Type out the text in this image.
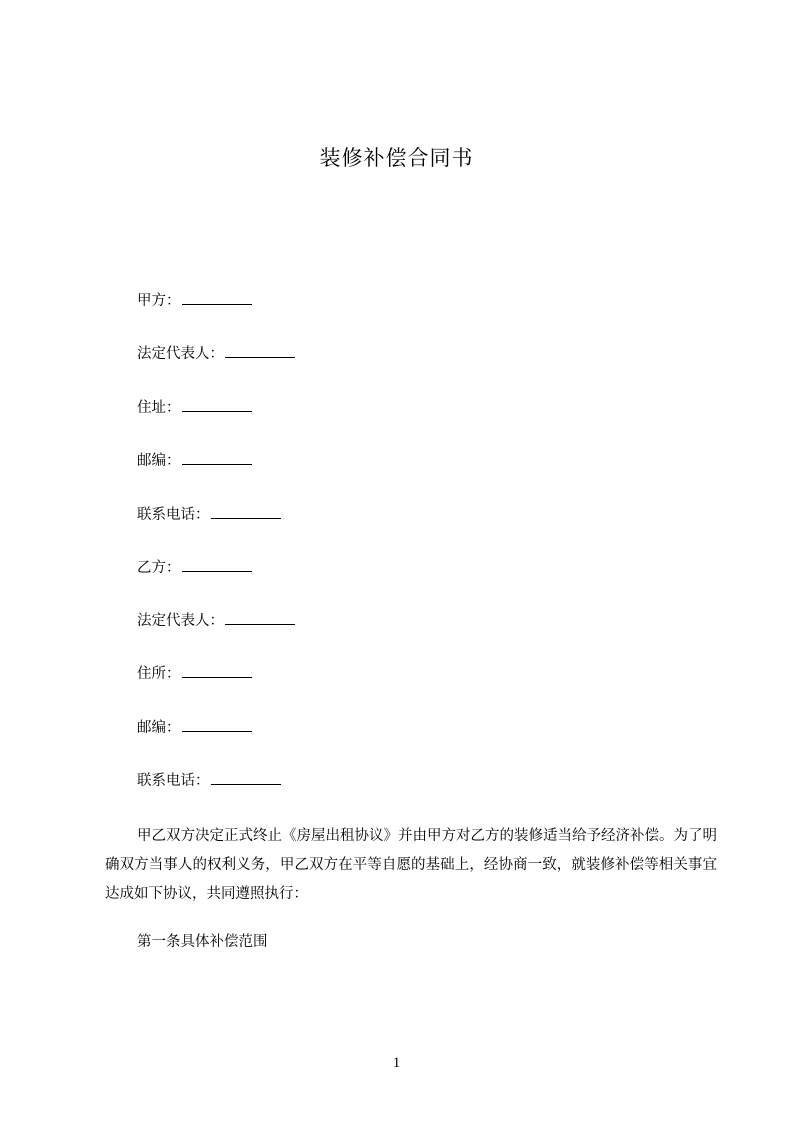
装修补偿合同书
甲方：
法定代表人：
住址：
邮编：
联系电话：
乙方：
法定代表人：
住所：
邮编：
联系电话：
甲乙双方决定正式终止《房屋出租协议》并由甲方对乙方的装修适当给予经济补偿。为了明确双方当事人的权利义务，甲乙双方在平等自愿的基础上，经协商一致，就装修补偿等相关事宜达成如下协议，共同遵照执行：
第一条具体补偿范围
1
